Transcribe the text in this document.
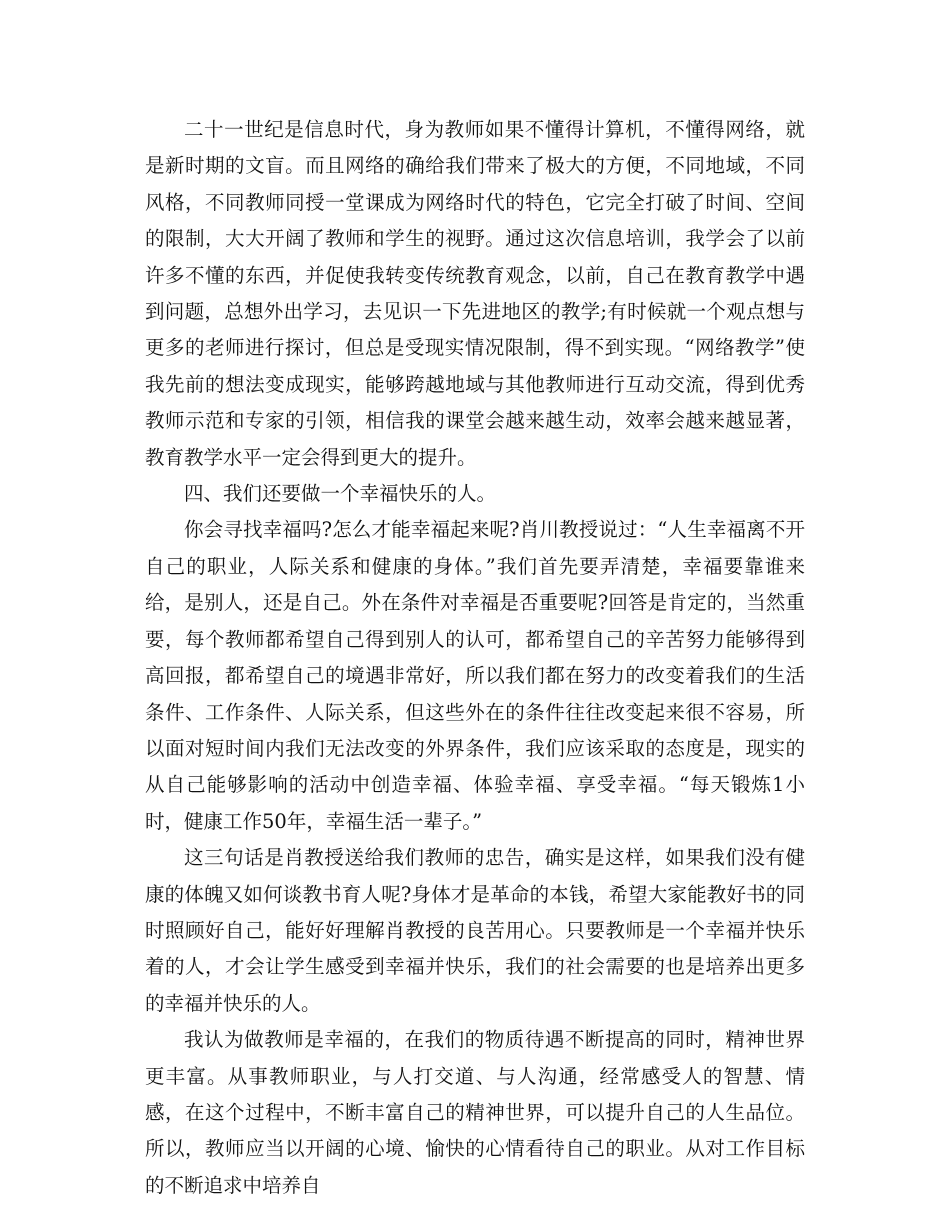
二十一世纪是信息时代，身为教师如果不懂得计算机，不懂得网络，就是新时期的文盲。而且网络的确给我们带来了极大的方便，不同地域，不同风格，不同教师同授一堂课成为网络时代的特色，它完全打破了时间、空间的限制，大大开阔了教师和学生的视野。通过这次信息培训，我学会了以前许多不懂的东西，并促使我转变传统教育观念，以前，自己在教育教学中遇到问题，总想外出学习，去见识一下先进地区的教学;有时候就一个观点想与更多的老师进行探讨，但总是受现实情况限制，得不到实现。“网络教学”使我先前的想法变成现实，能够跨越地域与其他教师进行互动交流，得到优秀教师示范和专家的引领，相信我的课堂会越来越生动，效率会越来越显著，教育教学水平一定会得到更大的提升。

四、我们还要做一个幸福快乐的人。

你会寻找幸福吗?怎么才能幸福起来呢?肖川教授说过：“人生幸福离不开自己的职业，人际关系和健康的身体。”我们首先要弄清楚，幸福要靠谁来给，是别人，还是自己。外在条件对幸福是否重要呢?回答是肯定的，当然重要，每个教师都希望自己得到别人的认可，都希望自己的辛苦努力能够得到高回报，都希望自己的境遇非常好，所以我们都在努力的改变着我们的生活条件、工作条件、人际关系，但这些外在的条件往往改变起来很不容易，所以面对短时间内我们无法改变的外界条件，我们应该采取的态度是，现实的从自己能够影响的活动中创造幸福、体验幸福、享受幸福。“每天锻炼1小时，健康工作50年，幸福生活一辈子。”

这三句话是肖教授送给我们教师的忠告，确实是这样，如果我们没有健康的体魄又如何谈教书育人呢?身体才是革命的本钱，希望大家能教好书的同时照顾好自己，能好好理解肖教授的良苦用心。只要教师是一个幸福并快乐着的人，才会让学生感受到幸福并快乐，我们的社会需要的也是培养出更多的幸福并快乐的人。

我认为做教师是幸福的，在我们的物质待遇不断提高的同时，精神世界更丰富。从事教师职业，与人打交道、与人沟通，经常感受人的智慧、情感，在这个过程中，不断丰富自己的精神世界，可以提升自己的人生品位。所以，教师应当以开阔的心境、愉快的心情看待自己的职业。从对工作目标的不断追求中培养自
